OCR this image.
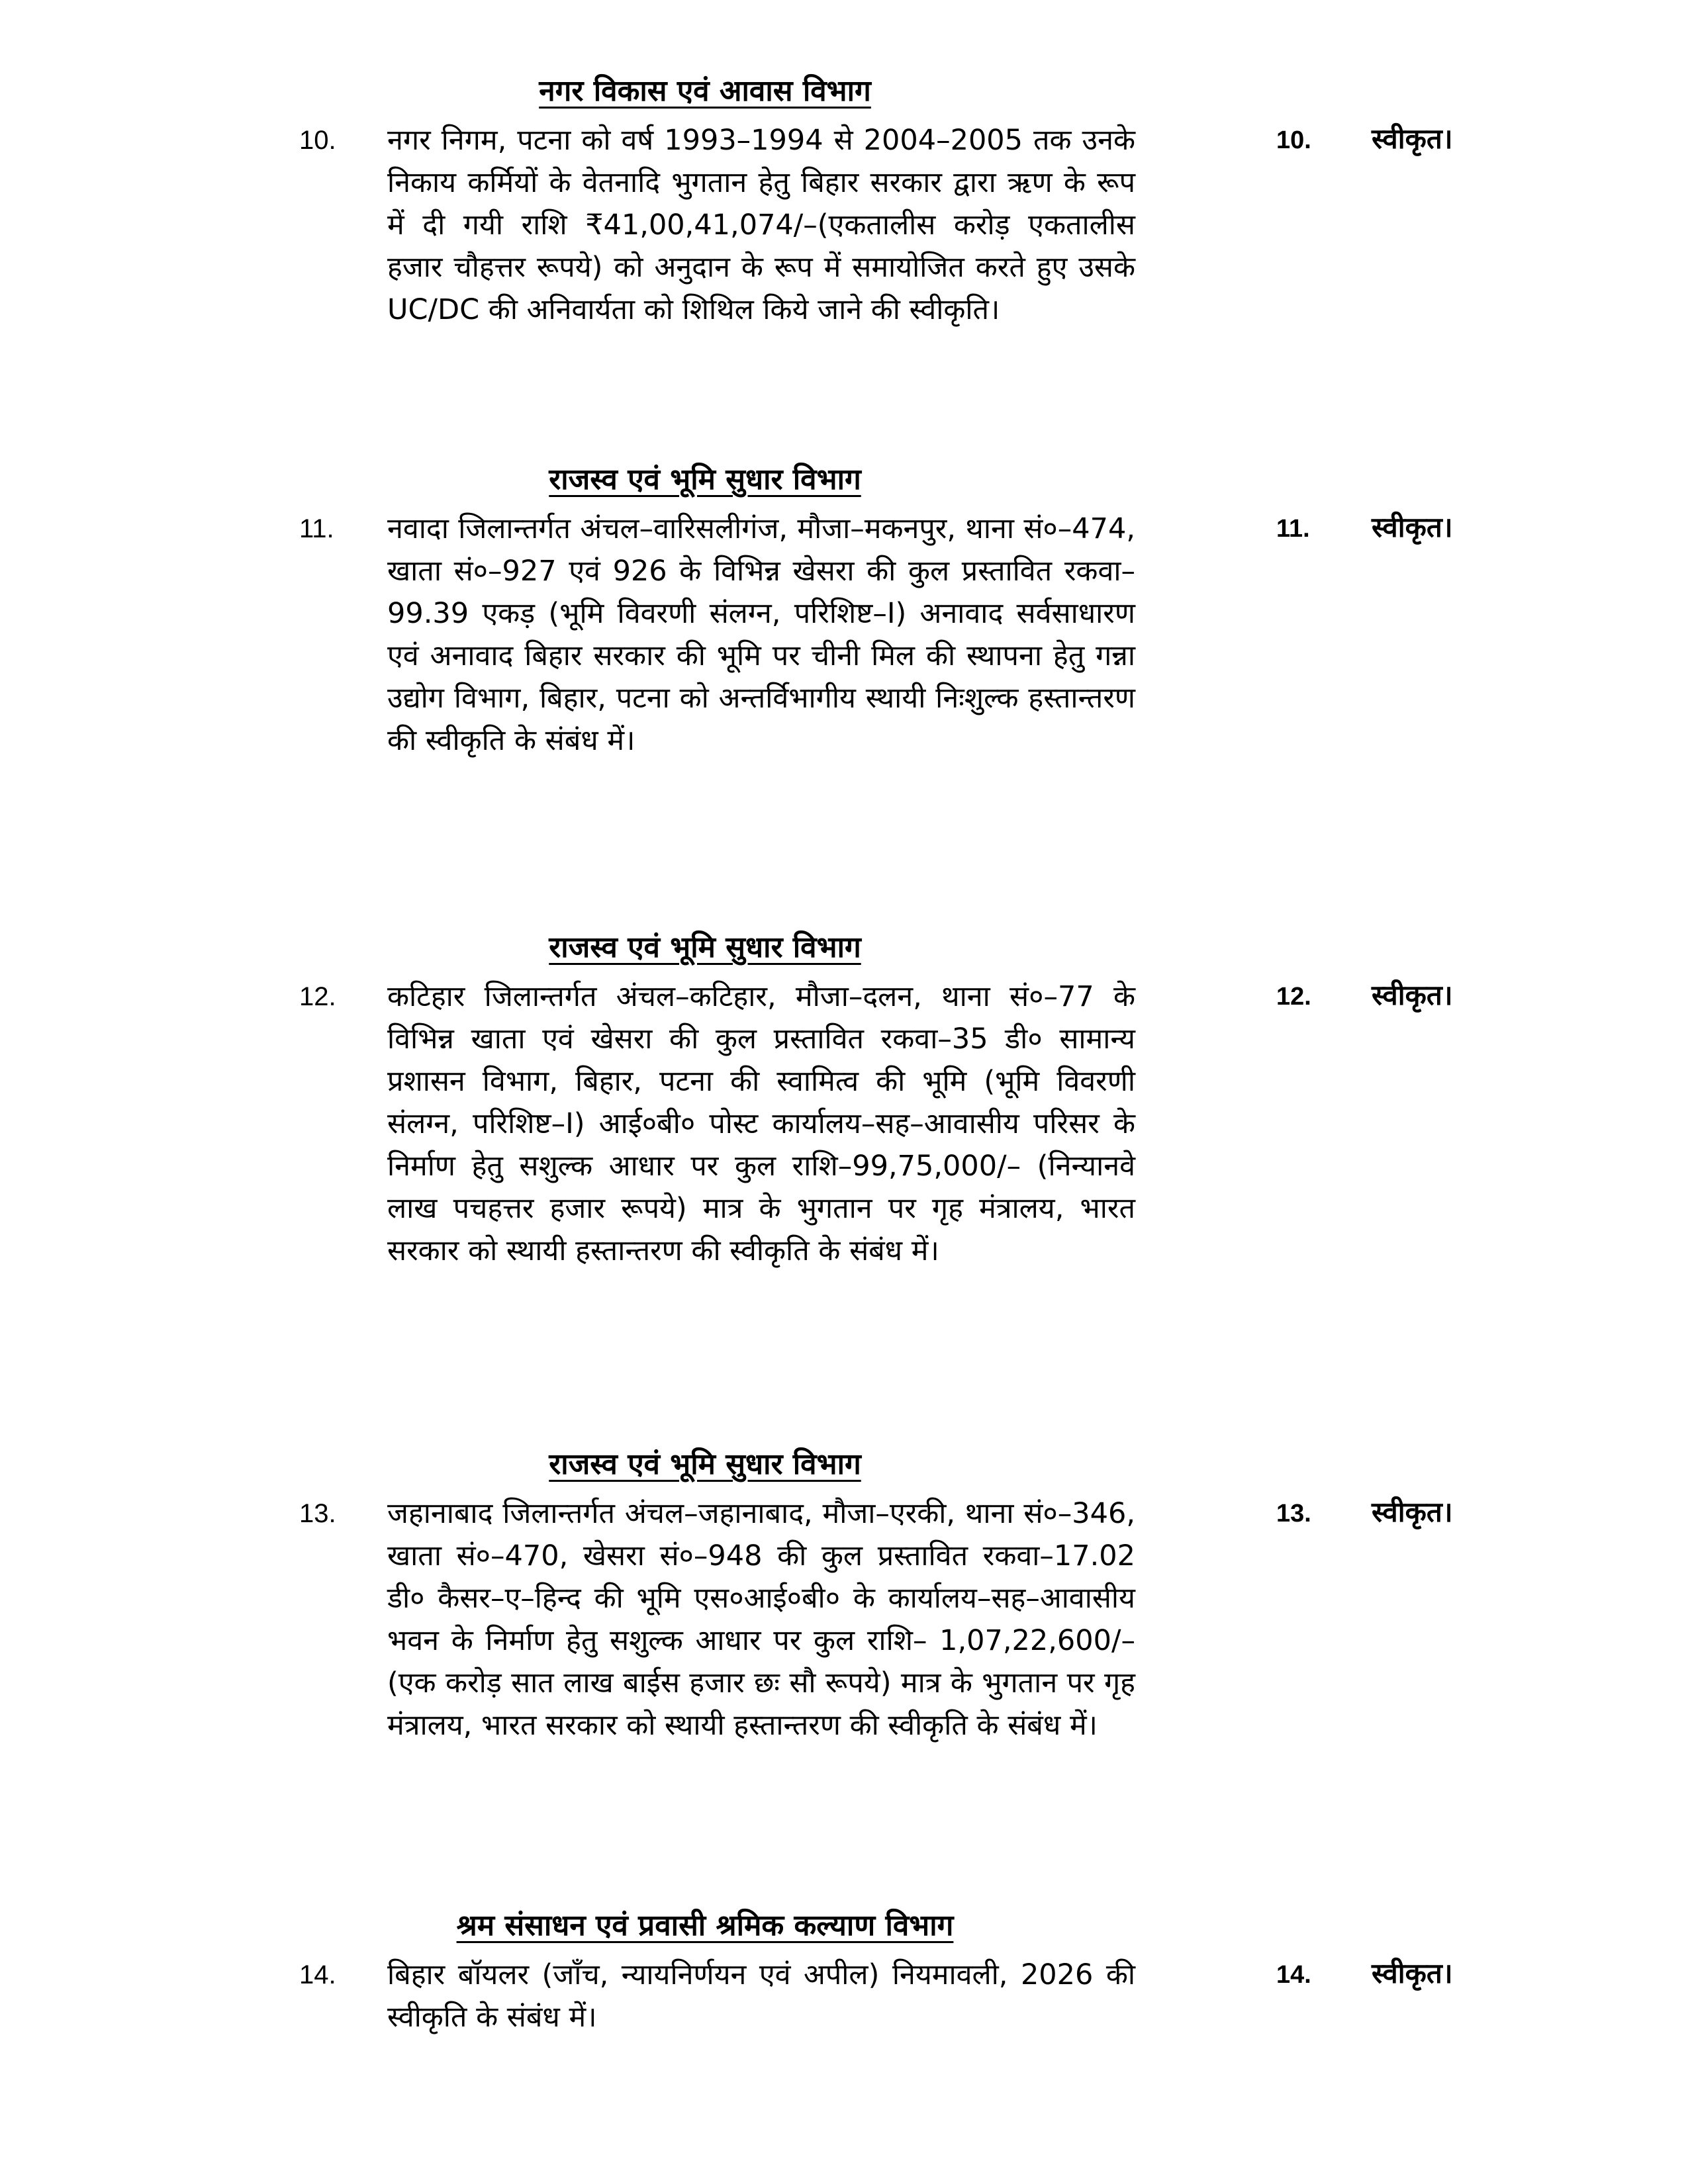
नगर विकास एवं आवास विभाग
10. नगर निगम, पटना को वर्ष 1993–1994 से 2004–2005 तक उनके निकाय कर्मियों के वेतनादि भुगतान हेतु बिहार सरकार द्वारा ऋण के रूप में दी गयी राशि ₹41,00,41,074/–(एकतालीस करोड़ एकतालीस हजार चौहत्तर रूपये) को अनुदान के रूप में समायोजित करते हुए उसके UC/DC की अनिवार्यता को शिथिल किये जाने की स्वीकृति।

10. स्वीकृत।
राजस्व एवं भूमि सुधार विभाग
11. नवादा जिलान्तर्गत अंचल–वारिसलीगंज, मौजा–मकनपुर, थाना सं०–474, खाता सं०–927 एवं 926 के विभिन्न खेसरा की कुल प्रस्तावित रकवा–99.39 एकड़ (भूमि विवरणी संलग्न, परिशिष्ट–I) अनावाद सर्वसाधारण एवं अनावाद बिहार सरकार की भूमि पर चीनी मिल की स्थापना हेतु गन्ना उद्योग विभाग, बिहार, पटना को अन्तर्विभागीय स्थायी निःशुल्क हस्तान्तरण की स्वीकृति के संबंध में।

11. स्वीकृत।
राजस्व एवं भूमि सुधार विभाग
12. कटिहार जिलान्तर्गत अंचल–कटिहार, मौजा–दलन, थाना सं०–77 के विभिन्न खाता एवं खेसरा की कुल प्रस्तावित रकवा–35 डी० सामान्य प्रशासन विभाग, बिहार, पटना की स्वामित्व की भूमि (भूमि विवरणी संलग्न, परिशिष्ट–I) आई०बी० पोस्ट कार्यालय–सह–आवासीय परिसर के निर्माण हेतु सशुल्क आधार पर कुल राशि–99,75,000/– (निन्यानवे लाख पचहत्तर हजार रूपये) मात्र के भुगतान पर गृह मंत्रालय, भारत सरकार को स्थायी हस्तान्तरण की स्वीकृति के संबंध में।

12. स्वीकृत।
राजस्व एवं भूमि सुधार विभाग
13. जहानाबाद जिलान्तर्गत अंचल–जहानाबाद, मौजा–एरकी, थाना सं०–346, खाता सं०–470, खेसरा सं०–948 की कुल प्रस्तावित रकवा–17.02 डी० कैसर–ए–हिन्द की भूमि एस०आई०बी० के कार्यालय–सह–आवासीय भवन के निर्माण हेतु सशुल्क आधार पर कुल राशि– 1,07,22,600/–(एक करोड़ सात लाख बाईस हजार छः सौ रूपये) मात्र के भुगतान पर गृह मंत्रालय, भारत सरकार को स्थायी हस्तान्तरण की स्वीकृति के संबंध में।

13. स्वीकृत।
श्रम संसाधन एवं प्रवासी श्रमिक कल्याण विभाग
14. बिहार बॉयलर (जाँच, न्यायनिर्णयन एवं अपील) नियमावली, 2026 की स्वीकृति के संबंध में।

14. स्वीकृत।
